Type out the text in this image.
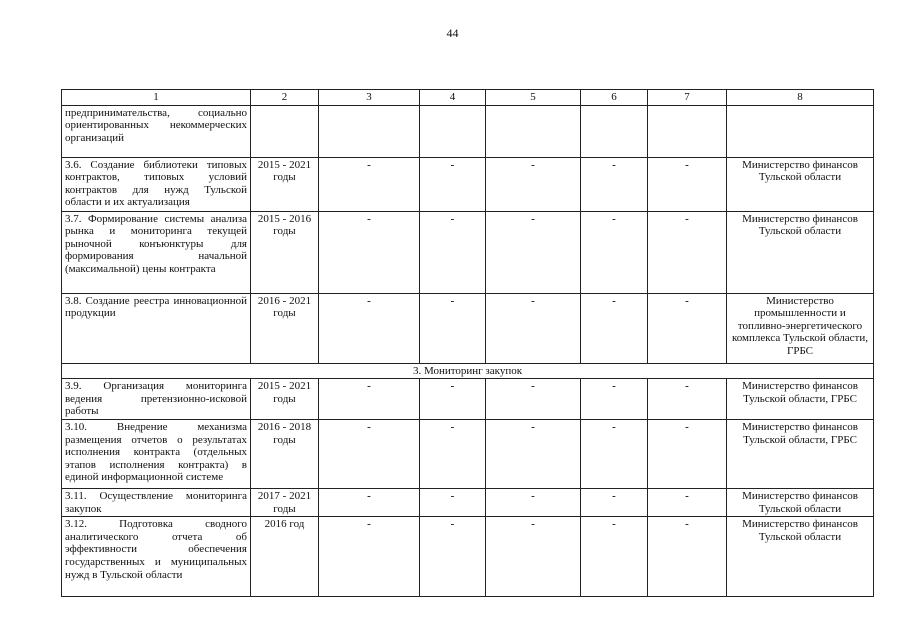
44
1	2	3	4	5	6	7	8
предпринимательства, социально ориентированных некоммерческих организаций							
3.6. Создание библиотеки типовых контрактов, типовых условий контрактов для нужд Тульской области и их актуализация	2015 - 2021 годы	-	-	-	-	-	Министерство финансов Тульской области
3.7. Формирование системы анализа рынка и мониторинга текущей рыночной конъюнктуры для формирования начальной (максимальной) цены контракта	2015 - 2016 годы	-	-	-	-	-	Министерство финансов Тульской области
3.8. Создание реестра инновационной продукции	2016 - 2021 годы	-	-	-	-	-	Министерство промышленности и топливно-энергетического комплекса Тульской области, ГРБС
3. Мониторинг закупок							
3.9. Организация мониторинга ведения претензионно-исковой работы	2015 - 2021 годы	-	-	-	-	-	Министерство финансов Тульской области, ГРБС
3.10. Внедрение механизма размещения отчетов о результатах исполнения контракта (отдельных этапов исполнения контракта) в единой информационной системе	2016 - 2018 годы	-	-	-	-	-	Министерство финансов Тульской области, ГРБС
3.11. Осуществление мониторинга закупок	2017 - 2021 годы	-	-	-	-	-	Министерство финансов Тульской области
3.12. Подготовка сводного аналитического отчета об эффективности обеспечения государственных и муниципальных нужд в Тульской области	2016 год	-	-	-	-	-	Министерство финансов Тульской области
